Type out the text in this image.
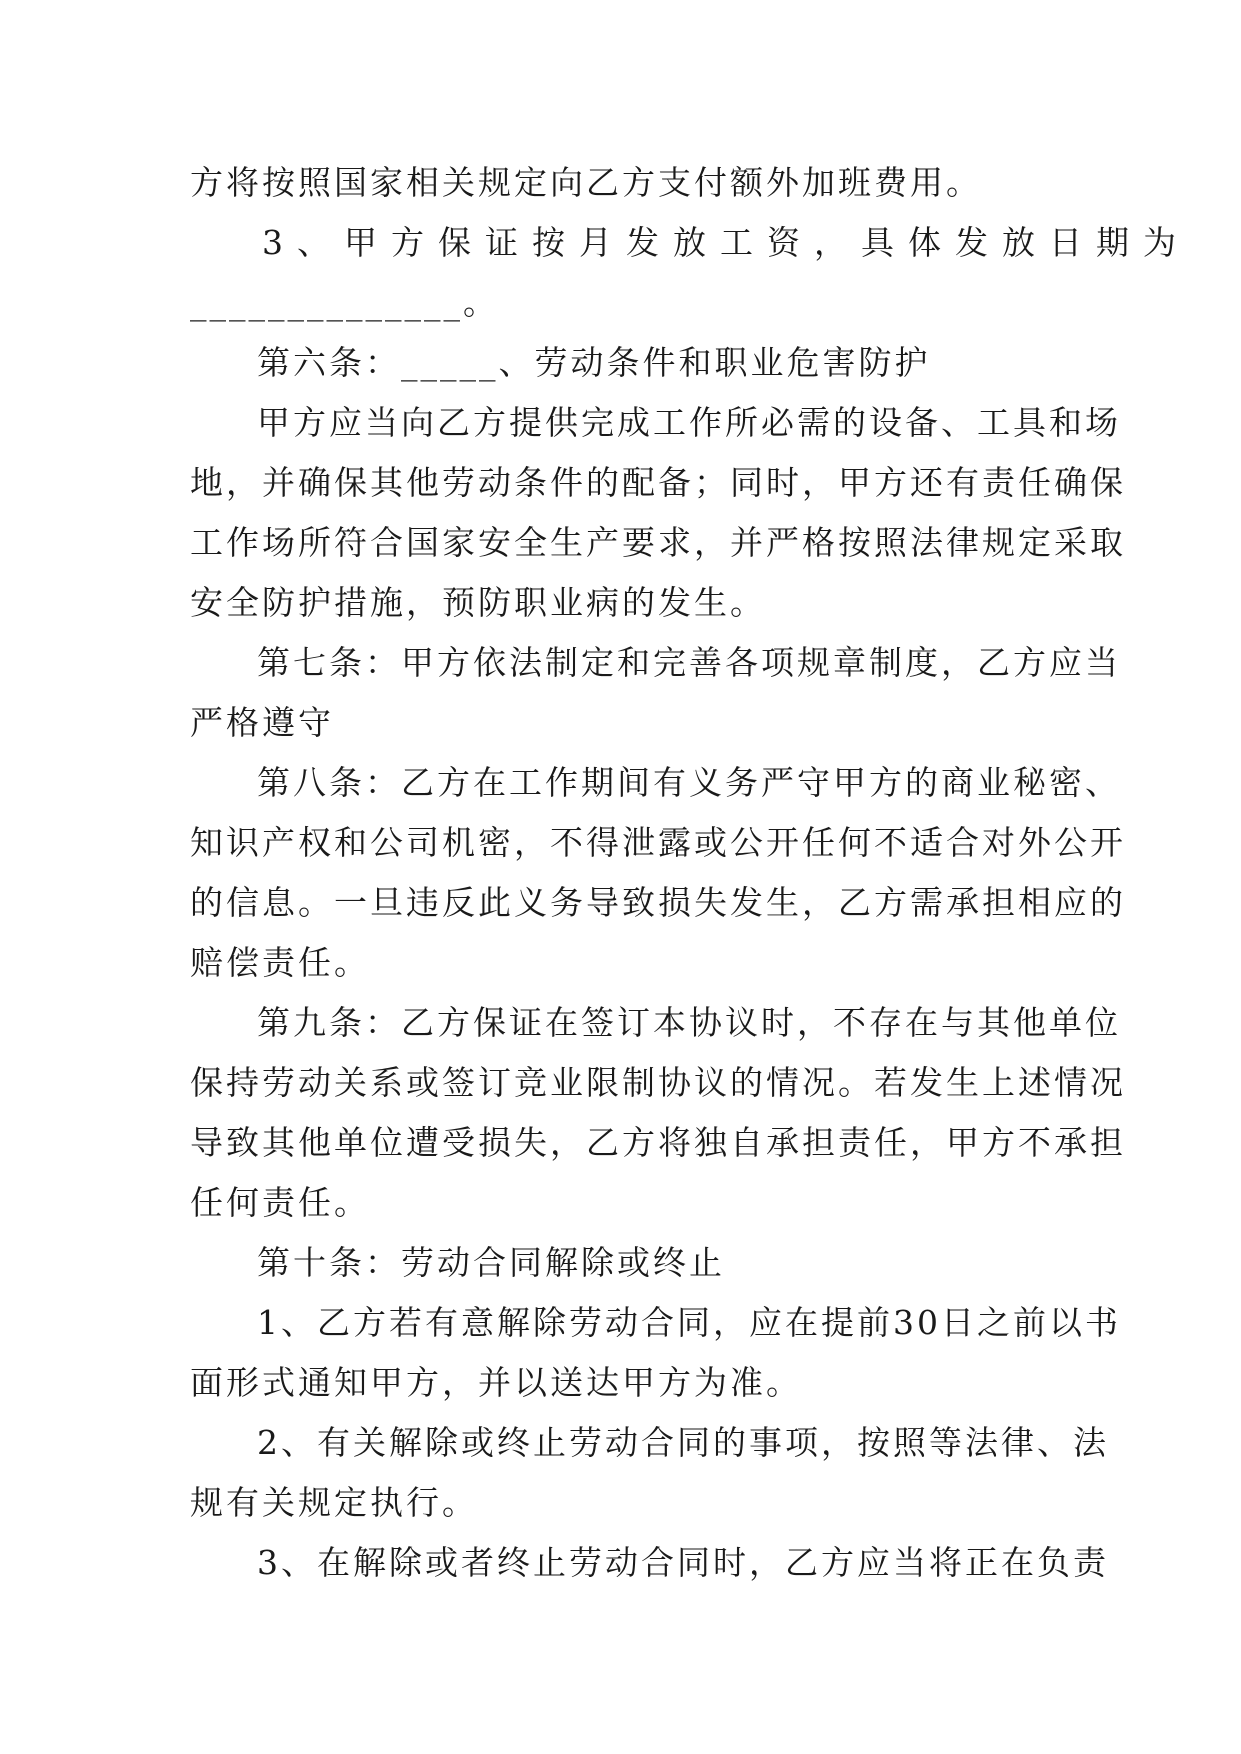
方将按照国家相关规定向乙方支付额外加班费用。
3、甲方保证按月发放工资，具体发放日期为
______________。
第六条：_____、劳动条件和职业危害防护
甲方应当向乙方提供完成工作所必需的设备、工具和场
地，并确保其他劳动条件的配备；同时，甲方还有责任确保
工作场所符合国家安全生产要求，并严格按照法律规定采取
安全防护措施，预防职业病的发生。
第七条：甲方依法制定和完善各项规章制度，乙方应当
严格遵守
第八条：乙方在工作期间有义务严守甲方的商业秘密、
知识产权和公司机密，不得泄露或公开任何不适合对外公开
的信息。一旦违反此义务导致损失发生，乙方需承担相应的
赔偿责任。
第九条：乙方保证在签订本协议时，不存在与其他单位
保持劳动关系或签订竞业限制协议的情况。若发生上述情况
导致其他单位遭受损失，乙方将独自承担责任，甲方不承担
任何责任。
第十条：劳动合同解除或终止
1、乙方若有意解除劳动合同，应在提前30日之前以书
面形式通知甲方，并以送达甲方为准。
2、有关解除或终止劳动合同的事项，按照等法律、法
规有关规定执行。
3、在解除或者终止劳动合同时，乙方应当将正在负责
